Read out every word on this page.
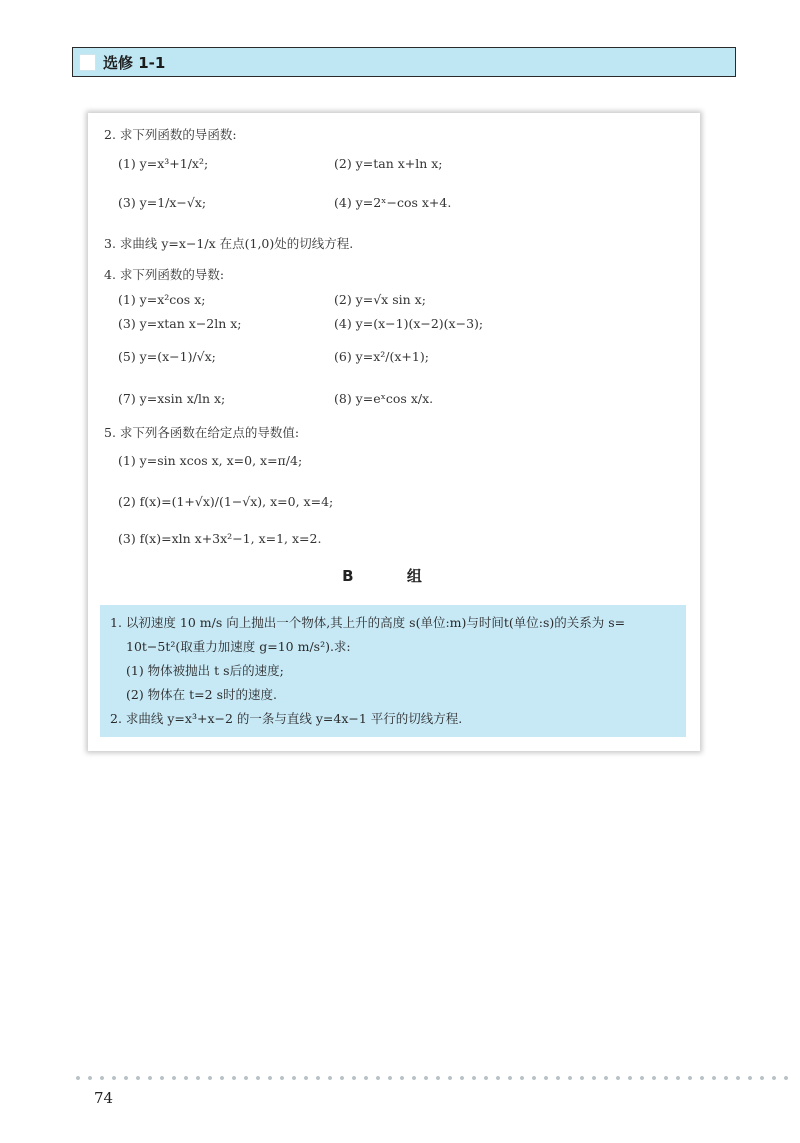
选修 1-1
2. 求下列函数的导函数:
(1) y=x³+1/x²;	(2) y=tan x+ln x;
(3) y=1/x−√x;	(4) y=2ˣ−cos x+4.
3. 求曲线 y=x−1/x 在点(1,0)处的切线方程.
4. 求下列函数的导数:
(1) y=x²cos x;	(2) y=√x sin x;
(3) y=xtan x−2ln x;	(4) y=(x−1)(x−2)(x−3);
(5) y=(x−1)/√x;	(6) y=x²/(x+1);
(7) y=xsin x/ln x;	(8) y=eˣcos x/x.
5. 求下列各函数在给定点的导数值:
(1) y=sin xcos x, x=0, x=π/4;
(2) f(x)=(1+√x)/(1−√x), x=0, x=4;
(3) f(x)=xln x+3x²−1, x=1, x=2.
B 组
1. 以初速度 10 m/s 向上抛出一个物体,其上升的高度 s(单位:m)与时间t(单位:s)的关系为 s=
10t−5t²(取重力加速度 g=10 m/s²).求:
(1) 物体被抛出 t s后的速度;
(2) 物体在 t=2 s时的速度.
2. 求曲线 y=x³+x−2 的一条与直线 y=4x−1 平行的切线方程.
74
